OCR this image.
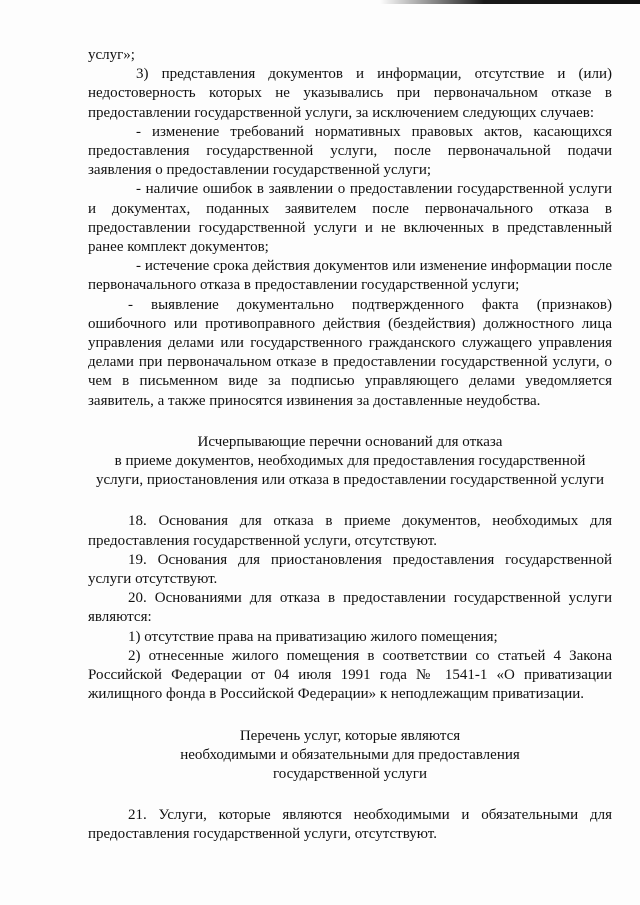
услуг»;

3) представления документов и информации, отсутствие и (или) недостоверность которых не указывались при первоначальном отказе в предоставлении государственной услуги, за исключением следующих случаев:

- изменение требований нормативных правовых актов, касающихся предоставления государственной услуги, после первоначальной подачи заявления о предоставлении государственной услуги;

- наличие ошибок в заявлении о предоставлении государственной услуги и документах, поданных заявителем после первоначального отказа в предоставлении государственной услуги и не включенных в представленный ранее комплект документов;

- истечение срока действия документов или изменение информации после первоначального отказа в предоставлении государственной услуги;

- выявление документально подтвержденного факта (признаков) ошибочного или противоправного действия (бездействия) должностного лица управления делами или государственного гражданского служащего управления делами при первоначальном отказе в предоставлении государственной услуги, о чем в письменном виде за подписью управляющего делами уведомляется заявитель, а также приносятся извинения за доставленные неудобства.

Исчерпывающие перечни оснований для отказа
в приеме документов, необходимых для предоставления государственной
услуги, приостановления или отказа в предоставлении государственной услуги

18. Основания для отказа в приеме документов, необходимых для предоставления государственной услуги, отсутствуют.

19. Основания для приостановления предоставления государственной услуги отсутствуют.

20. Основаниями для отказа в предоставлении государственной услуги являются:

1) отсутствие права на приватизацию жилого помещения;

2) отнесенные жилого помещения в соответствии со статьей 4 Закона Российской Федерации от 04 июля 1991 года № 1541-1 «О приватизации жилищного фонда в Российской Федерации» к неподлежащим приватизации.

Перечень услуг, которые являются
необходимыми и обязательными для предоставления
государственной услуги

21. Услуги, которые являются необходимыми и обязательными для предоставления государственной услуги, отсутствуют.
